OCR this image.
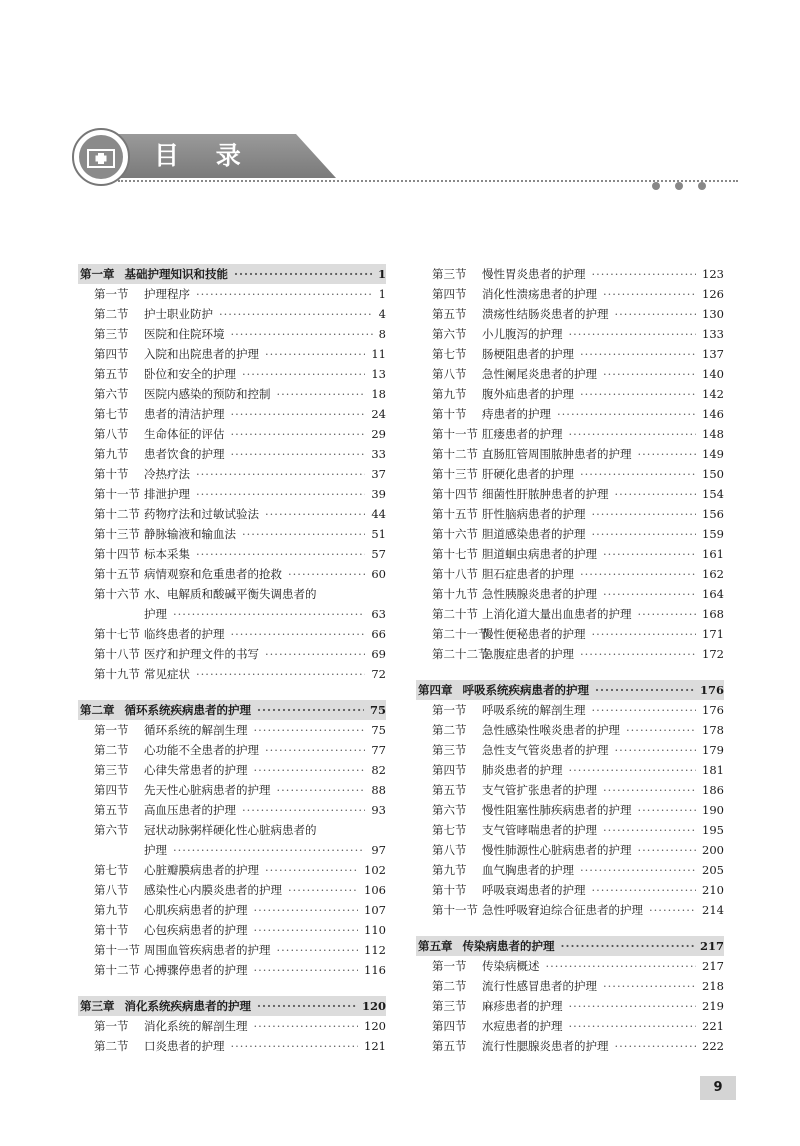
目 录
第一章 基础护理知识和技能 ·····	1
第一节	护理程序 ·····	1
第二节	护士职业防护 ·····	4
第三节	医院和住院环境 ·····	8
第四节	入院和出院患者的护理 ·····	11
第五节	卧位和安全的护理 ·····	13
第六节	医院内感染的预防和控制 ·····	18
第七节	患者的清洁护理 ·····	24
第八节	生命体征的评估 ·····	29
第九节	患者饮食的护理 ·····	33
第十节	冷热疗法 ·····	37
第十一节 排泄护理 ·····	39
第十二节 药物疗法和过敏试验法 ·····	44
第十三节 静脉输液和输血法 ·····	51
第十四节 标本采集 ·····	57
第十五节 病情观察和危重患者的抢救 ·····	60
第十六节 水、电解质和酸碱平衡失调患者的
护理 ·····	63
第十七节 临终患者的护理 ·····	66
第十八节 医疗和护理文件的书写 ·····	69
第十九节 常见症状 ·····	72
第二章 循环系统疾病患者的护理 ·····	75
第一节	循环系统的解剖生理 ·····	75
第二节	心功能不全患者的护理 ·····	77
第三节	心律失常患者的护理 ·····	82
第四节	先天性心脏病患者的护理 ·····	88
第五节	高血压患者的护理 ·····	93
第六节	冠状动脉粥样硬化性心脏病患者的
护理 ·····	97
第七节	心脏瓣膜病患者的护理 ·····	102
第八节	感染性心内膜炎患者的护理 ·····	106
第九节	心肌疾病患者的护理 ·····	107
第十节	心包疾病患者的护理 ·····	110
第十一节 周围血管疾病患者的护理 ·····	112
第十二节 心搏骤停患者的护理 ·····	116
第三章 消化系统疾病患者的护理 ·····	120
第一节	消化系统的解剖生理 ·····	120
第二节	口炎患者的护理 ·····	121
第三节	慢性胃炎患者的护理 ·····	123
第四节	消化性溃疡患者的护理 ·····	126
第五节	溃疡性结肠炎患者的护理 ·····	130
第六节	小儿腹泻的护理 ·····	133
第七节	肠梗阻患者的护理 ·····	137
第八节	急性阑尾炎患者的护理 ·····	140
第九节	腹外疝患者的护理 ·····	142
第十节	痔患者的护理 ·····	146
第十一节 肛瘘患者的护理 ·····	148
第十二节 直肠肛管周围脓肿患者的护理 ·····	149
第十三节 肝硬化患者的护理 ·····	150
第十四节 细菌性肝脓肿患者的护理 ·····	154
第十五节 肝性脑病患者的护理 ·····	156
第十六节 胆道感染患者的护理 ·····	159
第十七节 胆道蛔虫病患者的护理 ·····	161
第十八节 胆石症患者的护理 ·····	162
第十九节 急性胰腺炎患者的护理 ·····	164
第二十节 上消化道大量出血患者的护理 ·····	168
第二十一节
慢性便秘患者的护理 ·····	171
第二十二节
急腹症患者的护理 ·····	172
第四章 呼吸系统疾病患者的护理 ·····	176
第一节	呼吸系统的解剖生理 ·····	176
第二节	急性感染性喉炎患者的护理 ·····	178
第三节	急性支气管炎患者的护理 ·····	179
第四节	肺炎患者的护理 ·····	181
第五节	支气管扩张患者的护理 ·····	186
第六节	慢性阻塞性肺疾病患者的护理 ·····	190
第七节	支气管哮喘患者的护理 ·····	195
第八节	慢性肺源性心脏病患者的护理 ·····	200
第九节	血气胸患者的护理 ·····	205
第十节	呼吸衰竭患者的护理 ·····	210
第十一节 急性呼吸窘迫综合征患者的护理 ·····	214
第五章 传染病患者的护理 ·····	217
第一节	传染病概述 ·····	217
第二节	流行性感冒患者的护理 ·····	218
第三节	麻疹患者的护理 ·····	219
第四节	水痘患者的护理 ·····	221
第五节	流行性腮腺炎患者的护理 ·····	222
9
